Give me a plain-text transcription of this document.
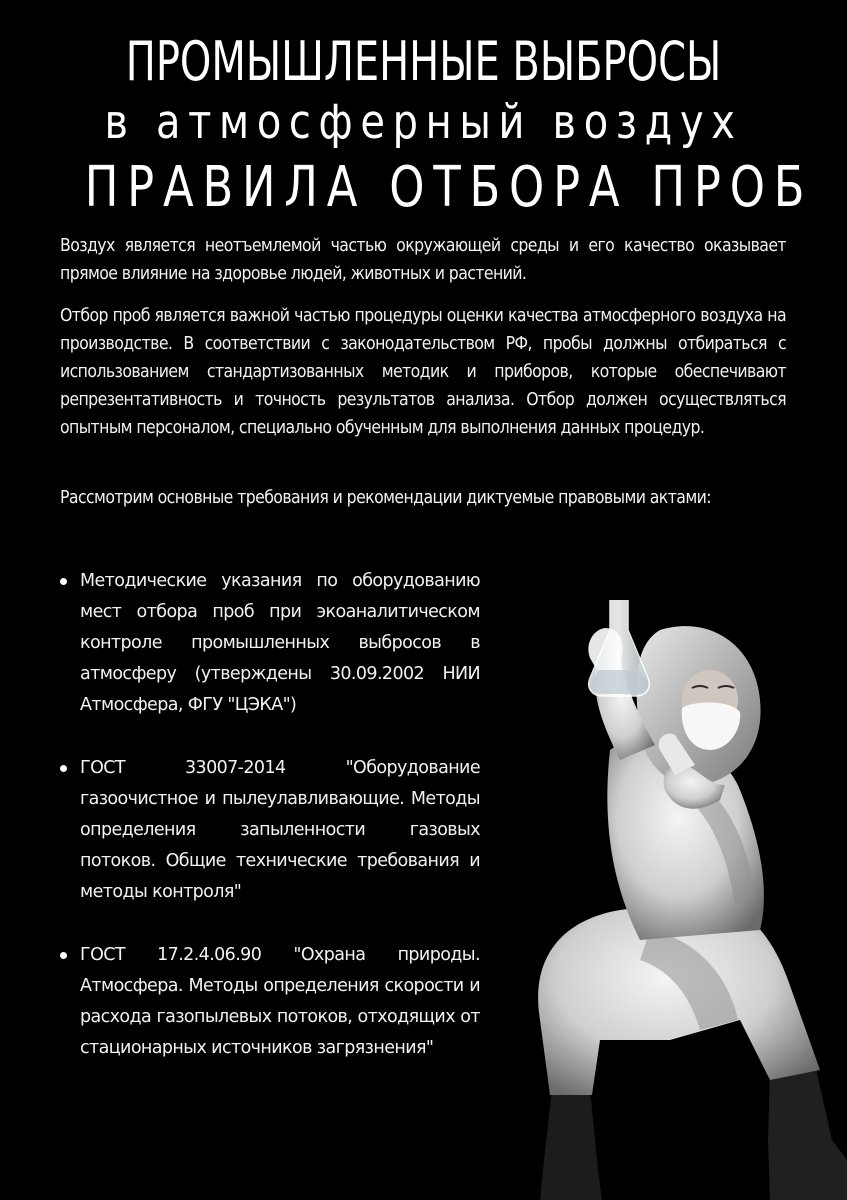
ПРОМЫШЛЕННЫЕ ВЫБРОСЫ
в атмосферный воздух
ПРАВИЛА ОТБОРА ПРОБ

Воздух является неотъемлемой частью окружающей среды и его качество оказывает прямое влияние на здоровье людей, животных и растений.

Отбор проб является важной частью процедуры оценки качества атмосферного воздуха на производстве. В соответствии с законодательством РФ, пробы должны отбираться с использованием стандартизованных методик и приборов, которые обеспечивают репрезентативность и точность результатов анализа. Отбор должен осуществляться опытным персоналом, специально обученным для выполнения данных процедур.

Рассмотрим основные требования и рекомендации диктуемые правовыми актами:

Методические указания по оборудованию мест отбора проб при экоаналитическом контроле промышленных выбросов в атмосферу (утверждены 30.09.2002 НИИ Атмосфера, ФГУ "ЦЭКА")
ГОСТ 33007-2014 "Оборудование газоочистное и пылеулавливающие. Методы определения запыленности газовых потоков. Общие технические требования и методы контроля"
ГОСТ 17.2.4.06.90 "Охрана природы. Атмосфера. Методы определения скорости и расхода газопылевых потоков, отходящих от стационарных источников загрязнения"
